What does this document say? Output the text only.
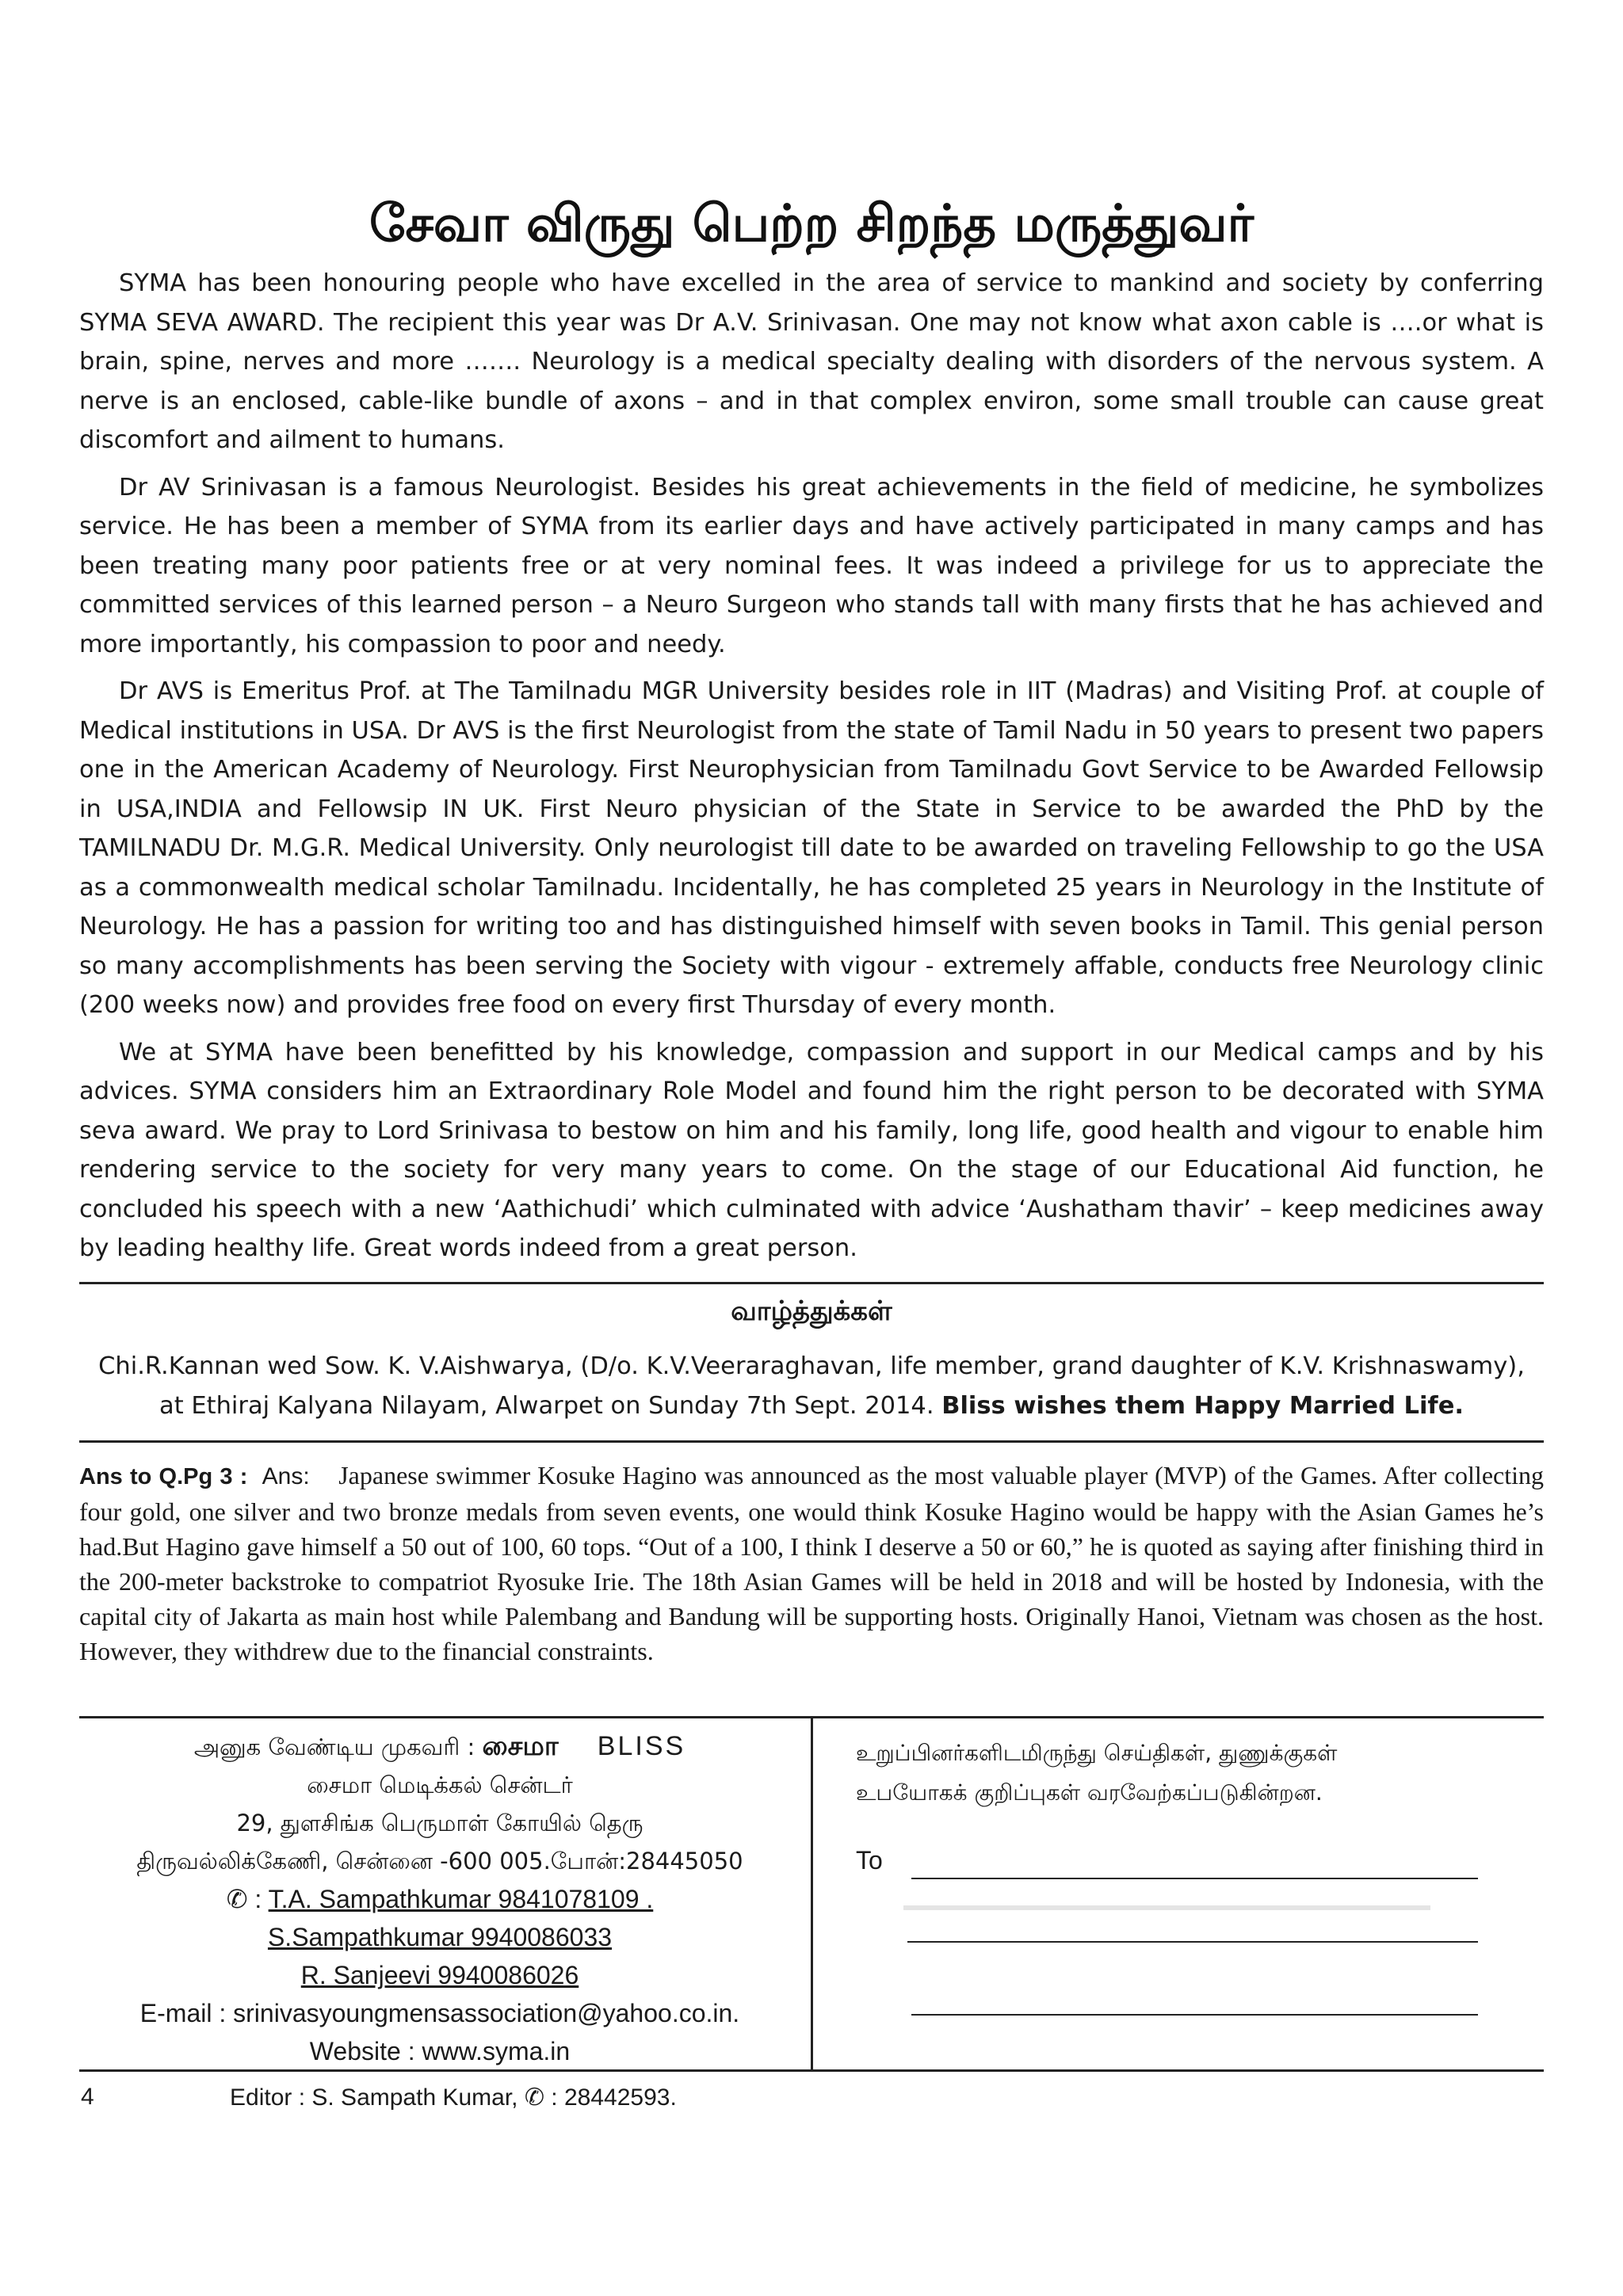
சேவா விருது பெற்ற சிறந்த மருத்துவர்

SYMA has been honouring people who have excelled in the area of service to mankind and society by conferring SYMA SEVA AWARD. The recipient this year was Dr A.V. Srinivasan. One may not know what axon cable is ….or what is brain, spine, nerves and more ……. Neurology is a medical specialty dealing with disorders of the nervous system. A nerve is an enclosed, cable-like bundle of axons – and in that complex environ, some small trouble can cause great discomfort and ailment to humans.

Dr AV Srinivasan is a famous Neurologist. Besides his great achievements in the field of medicine, he symbolizes service. He has been a member of SYMA from its earlier days and have actively participated in many camps and has been treating many poor patients free or at very nominal fees. It was indeed a privilege for us to appreciate the committed services of this learned person – a Neuro Surgeon who stands tall with many firsts that he has achieved and more importantly, his compassion to poor and needy.

Dr AVS is Emeritus Prof. at The Tamilnadu MGR University besides role in IIT (Madras) and Visiting Prof. at couple of Medical institutions in USA. Dr AVS is the first Neurologist from the state of Tamil Nadu in 50 years to present two papers one in the American Academy of Neurology. First Neurophysician from Tamilnadu Govt Service to be Awarded Fellowsip in USA,INDIA and Fellowsip IN UK. First Neuro physician of the State in Service to be awarded the PhD by the TAMILNADU Dr. M.G.R. Medical University. Only neurologist till date to be awarded on traveling Fellowship to go the USA as a commonwealth medical scholar Tamilnadu. Incidentally, he has completed 25 years in Neurology in the Institute of Neurology. He has a passion for writing too and has distinguished himself with seven books in Tamil. This genial person so many accomplishments has been serving the Society with vigour - extremely affable, conducts free Neurology clinic (200 weeks now) and provides free food on every first Thursday of every month.

We at SYMA have been benefitted by his knowledge, compassion and support in our Medical camps and by his advices. SYMA considers him an Extraordinary Role Model and found him the right person to be decorated with SYMA seva award. We pray to Lord Srinivasa to bestow on him and his family, long life, good health and vigour to enable him rendering service to the society for very many years to come. On the stage of our Educational Aid function, he concluded his speech with a new ‘Aathichudi’ which culminated with advice ‘Aushatham thavir’ – keep medicines away by leading healthy life. Great words indeed from a great person.

வாழ்த்துக்கள்
Chi.R.Kannan wed Sow. K. V.Aishwarya, (D/o. K.V.Veeraraghavan, life member, grand daughter of K.V. Krishnaswamy),
at Ethiraj Kalyana Nilayam, Alwarpet on Sunday 7th Sept. 2014. Bliss wishes them Happy Married Life.
Ans to Q.Pg 3 : Ans: Japanese swimmer Kosuke Hagino was announced as the most valuable player (MVP) of the Games. After collecting four gold, one silver and two bronze medals from seven events, one would think Kosuke Hagino would be happy with the Asian Games he’s had.But Hagino gave himself a 50 out of 100, 60 tops. “Out of a 100, I think I deserve a 50 or 60,” he is quoted as saying after finishing third in the 200-meter backstroke to compatriot Ryosuke Irie. The 18th Asian Games will be held in 2018 and will be hosted by Indonesia, with the capital city of Jakarta as main host while Palembang and Bandung will be supporting hosts. Originally Hanoi, Vietnam was chosen as the host. However, they withdrew due to the financial constraints.
அனுக வேண்டிய முகவரி : சைமா BLISS
சைமா மெடிக்கல் சென்டர்
29, துளசிங்க பெருமாள் கோயில் தெரு
திருவல்லிக்கேணி, சென்னை -600 005.போன்:28445050
✆ : T.A. Sampathkumar 9841078109 .
S.Sampathkumar 9940086033
R. Sanjeevi 9940086026
E-mail : srinivasyoungmensassociation@yahoo.co.in.
Website : www.syma.in
உறுப்பினர்களிடமிருந்து செய்திகள், துணுக்குகள்
உபயோகக் குறிப்புகள் வரவேற்கப்படுகின்றன.
To
4	Editor : S. Sampath Kumar, ✆ : 28442593.
